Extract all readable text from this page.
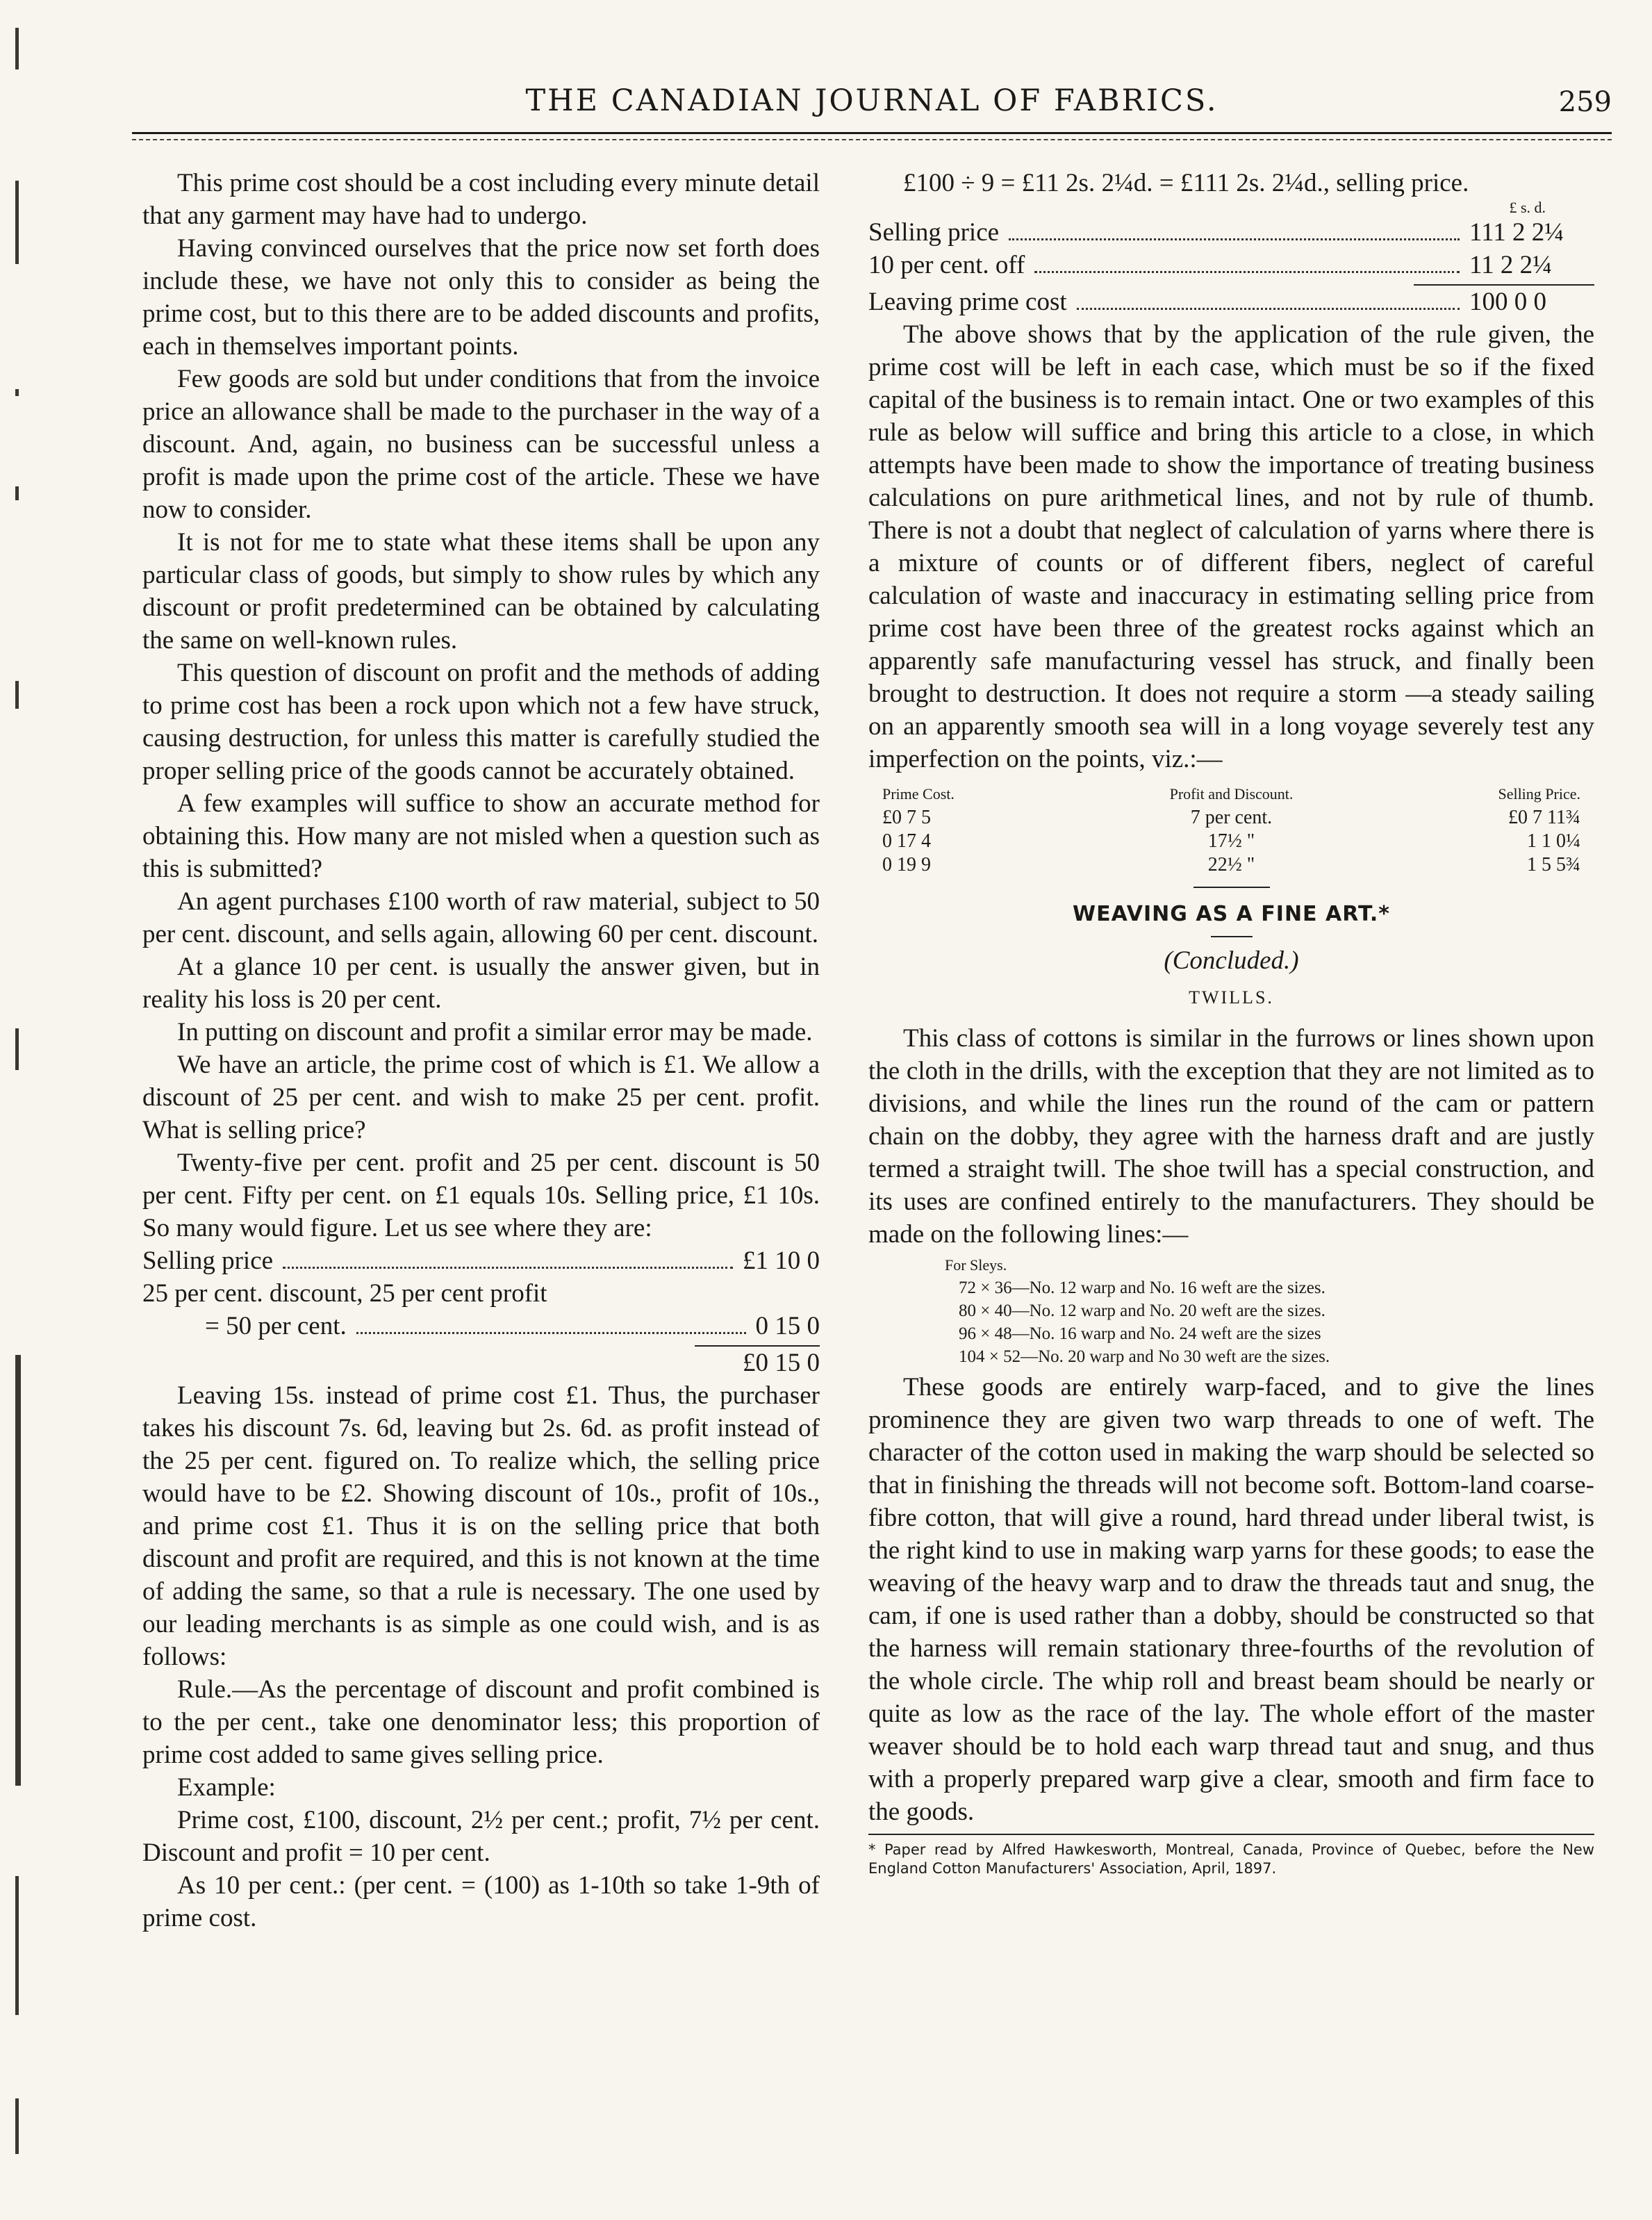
THE CANADIAN JOURNAL OF FABRICS.	259

This prime cost should be a cost including every minute detail that any garment may have had to undergo.

Having convinced ourselves that the price now set forth does include these, we have not only this to consider as being the prime cost, but to this there are to be added discounts and profits, each in themselves important points.

Few goods are sold but under conditions that from the invoice price an allowance shall be made to the purchaser in the way of a discount. And, again, no business can be successful unless a profit is made upon the prime cost of the article. These we have now to consider.

It is not for me to state what these items shall be upon any particular class of goods, but simply to show rules by which any discount or profit predetermined can be obtained by calculating the same on well-known rules.

This question of discount on profit and the methods of adding to prime cost has been a rock upon which not a few have struck, causing destruction, for unless this matter is carefully studied the proper selling price of the goods cannot be accurately obtained.

A few examples will suffice to show an accurate method for obtaining this. How many are not misled when a question such as this is submitted?

An agent purchases £100 worth of raw material, subject to 50 per cent. discount, and sells again, allowing 60 per cent. discount.

At a glance 10 per cent. is usually the answer given, but in reality his loss is 20 per cent.

In putting on discount and profit a similar error may be made.

We have an article, the prime cost of which is £1. We allow a discount of 25 per cent. and wish to make 25 per cent. profit. What is selling price?

Twenty-five per cent. profit and 25 per cent. discount is 50 per cent. Fifty per cent. on £1 equals 10s. Selling price, £1 10s. So many would figure. Let us see where they are:

Selling price	£1 10 0
25 per cent. discount, 25 per cent profit
= 50 per cent.	0 15 0
£0 15 0

Leaving 15s. instead of prime cost £1. Thus, the purchaser takes his discount 7s. 6d, leaving but 2s. 6d. as profit instead of the 25 per cent. figured on. To realize which, the selling price would have to be £2. Showing discount of 10s., profit of 10s., and prime cost £1. Thus it is on the selling price that both discount and profit are required, and this is not known at the time of adding the same, so that a rule is necessary. The one used by our leading merchants is as simple as one could wish, and is as follows:

Rule.—As the percentage of discount and profit combined is to the per cent., take one denominator less; this proportion of prime cost added to same gives selling price.

Example:

Prime cost, £100, discount, 2½ per cent.; profit, 7½ per cent. Discount and profit = 10 per cent.

As 10 per cent.: (per cent. = (100) as 1-10th so take 1-9th of prime cost.

£100 ÷ 9 = £11 2s. 2¼d. = £111 2s. 2¼d., selling price.

£ s. d.
Selling price	111 2 2¼
10 per cent. off	11 2 2¼
Leaving prime cost	100 0 0

The above shows that by the application of the rule given, the prime cost will be left in each case, which must be so if the fixed capital of the business is to remain intact. One or two examples of this rule as below will suffice and bring this article to a close, in which attempts have been made to show the importance of treating business calculations on pure arithmetical lines, and not by rule of thumb. There is not a doubt that neglect of calculation of yarns where there is a mixture of counts or of different fibers, neglect of careful calculation of waste and inaccuracy in estimating selling price from prime cost have been three of the greatest rocks against which an apparently safe manufacturing vessel has struck, and finally been brought to destruction. It does not require a storm —a steady sailing on an apparently smooth sea will in a long voyage severely test any imperfection on the points, viz.:—

Prime Cost.	Profit and Discount.	Selling Price.
£0 7 5	7 per cent.	£0 7 11¾
0 17 4	17½ "	1 1 0¼
0 19 9	22½ "	1 5 5¾
WEAVING AS A FINE ART.*
(Concluded.)
TWILLS.

This class of cottons is similar in the furrows or lines shown upon the cloth in the drills, with the exception that they are not limited as to divisions, and while the lines run the round of the cam or pattern chain on the dobby, they agree with the harness draft and are justly termed a straight twill. The shoe twill has a special construction, and its uses are confined entirely to the manufacturers. They should be made on the following lines:—

For Sleys.
72 × 36—No. 12 warp and No. 16 weft are the sizes.
80 × 40—No. 12 warp and No. 20 weft are the sizes.
96 × 48—No. 16 warp and No. 24 weft are the sizes
104 × 52—No. 20 warp and No 30 weft are the sizes.

These goods are entirely warp-faced, and to give the lines prominence they are given two warp threads to one of weft. The character of the cotton used in making the warp should be selected so that in finishing the threads will not become soft. Bottom-land coarse-fibre cotton, that will give a round, hard thread under liberal twist, is the right kind to use in making warp yarns for these goods; to ease the weaving of the heavy warp and to draw the threads taut and snug, the cam, if one is used rather than a dobby, should be constructed so that the harness will remain stationary three-fourths of the revolution of the whole circle. The whip roll and breast beam should be nearly or quite as low as the race of the lay. The whole effort of the master weaver should be to hold each warp thread taut and snug, and thus with a properly prepared warp give a clear, smooth and firm face to the goods.

* Paper read by Alfred Hawkesworth, Montreal, Canada, Province of Quebec, before the New England Cotton Manufacturers' Association, April, 1897.
